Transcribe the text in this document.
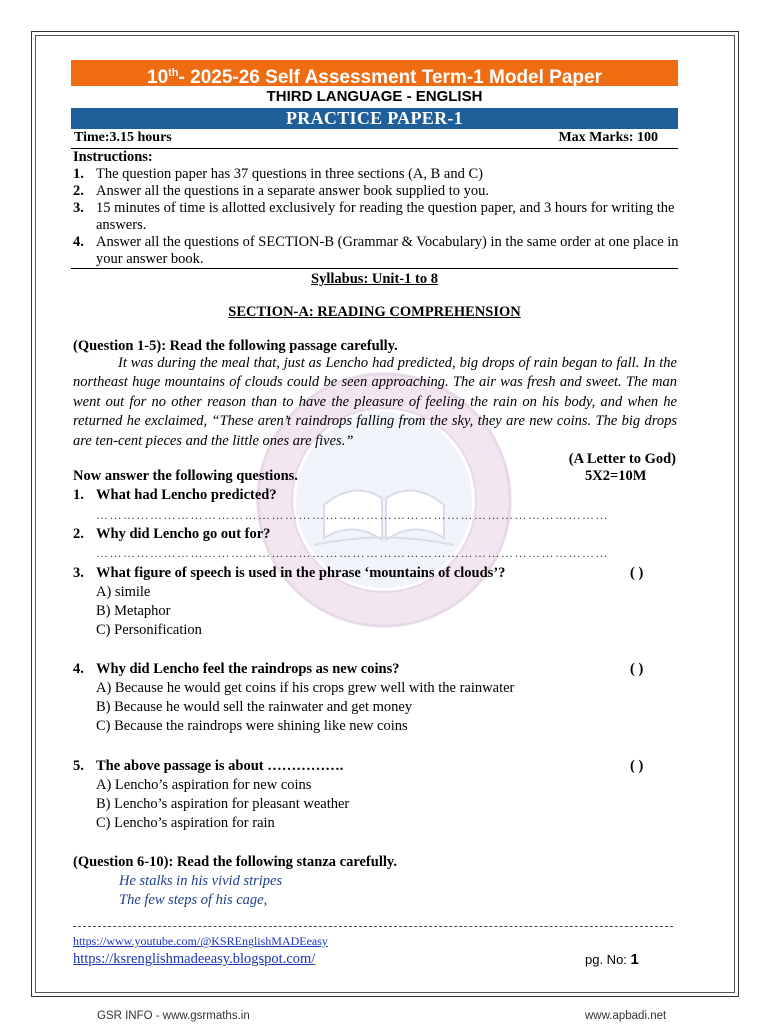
10th- 2025-26 Self Assessment Term-1 Model Paper
THIRD LANGUAGE - ENGLISH
PRACTICE PAPER-1
Time:3.15 hours	Max Marks: 100
Instructions:
1. The question paper has 37 questions in three sections (A, B and C)
2. Answer all the questions in a separate answer book supplied to you.
3. 15 minutes of time is allotted exclusively for reading the question paper, and 3 hours for writing the answers.
4. Answer all the questions of SECTION-B (Grammar & Vocabulary) in the same order at one place in your answer book.
Syllabus: Unit-1 to 8
SECTION-A: READING COMPREHENSION
(Question 1-5): Read the following passage carefully.
It was during the meal that, just as Lencho had predicted, big drops of rain began to fall. In the northeast huge mountains of clouds could be seen approaching. The air was fresh and sweet. The man went out for no other reason than to have the pleasure of feeling the rain on his body, and when he returned he exclaimed, “These aren’t raindrops falling from the sky, they are new coins. The big drops are ten-cent pieces and the little ones are fives.”
(A Letter to God)
Now answer the following questions.	5X2=10M
1. What had Lencho predicted?
……………………………………………………………………………………………………
2. Why did Lencho go out for?
……………………………………………………………………………………………………
3. What figure of speech is used in the phrase ‘mountains of clouds’?	( )
A) simile
B) Metaphor
C) Personification
4. Why did Lencho feel the raindrops as new coins?	( )
A) Because he would get coins if his crops grew well with the rainwater
B) Because he would sell the rainwater and get money
C) Because the raindrops were shining like new coins
5. The above passage is about …………….	( )
A) Lencho’s aspiration for new coins
B) Lencho’s aspiration for pleasant weather
C) Lencho’s aspiration for rain
(Question 6-10): Read the following stanza carefully.
He stalks in his vivid stripes
The few steps of his cage,
https://www.youtube.com/@KSREnglishMADEeasy
https://ksrenglishmadeeasy.blogspot.com/	pg. No: 1
GSR INFO - www.gsrmaths.in	www.apbadi.net
